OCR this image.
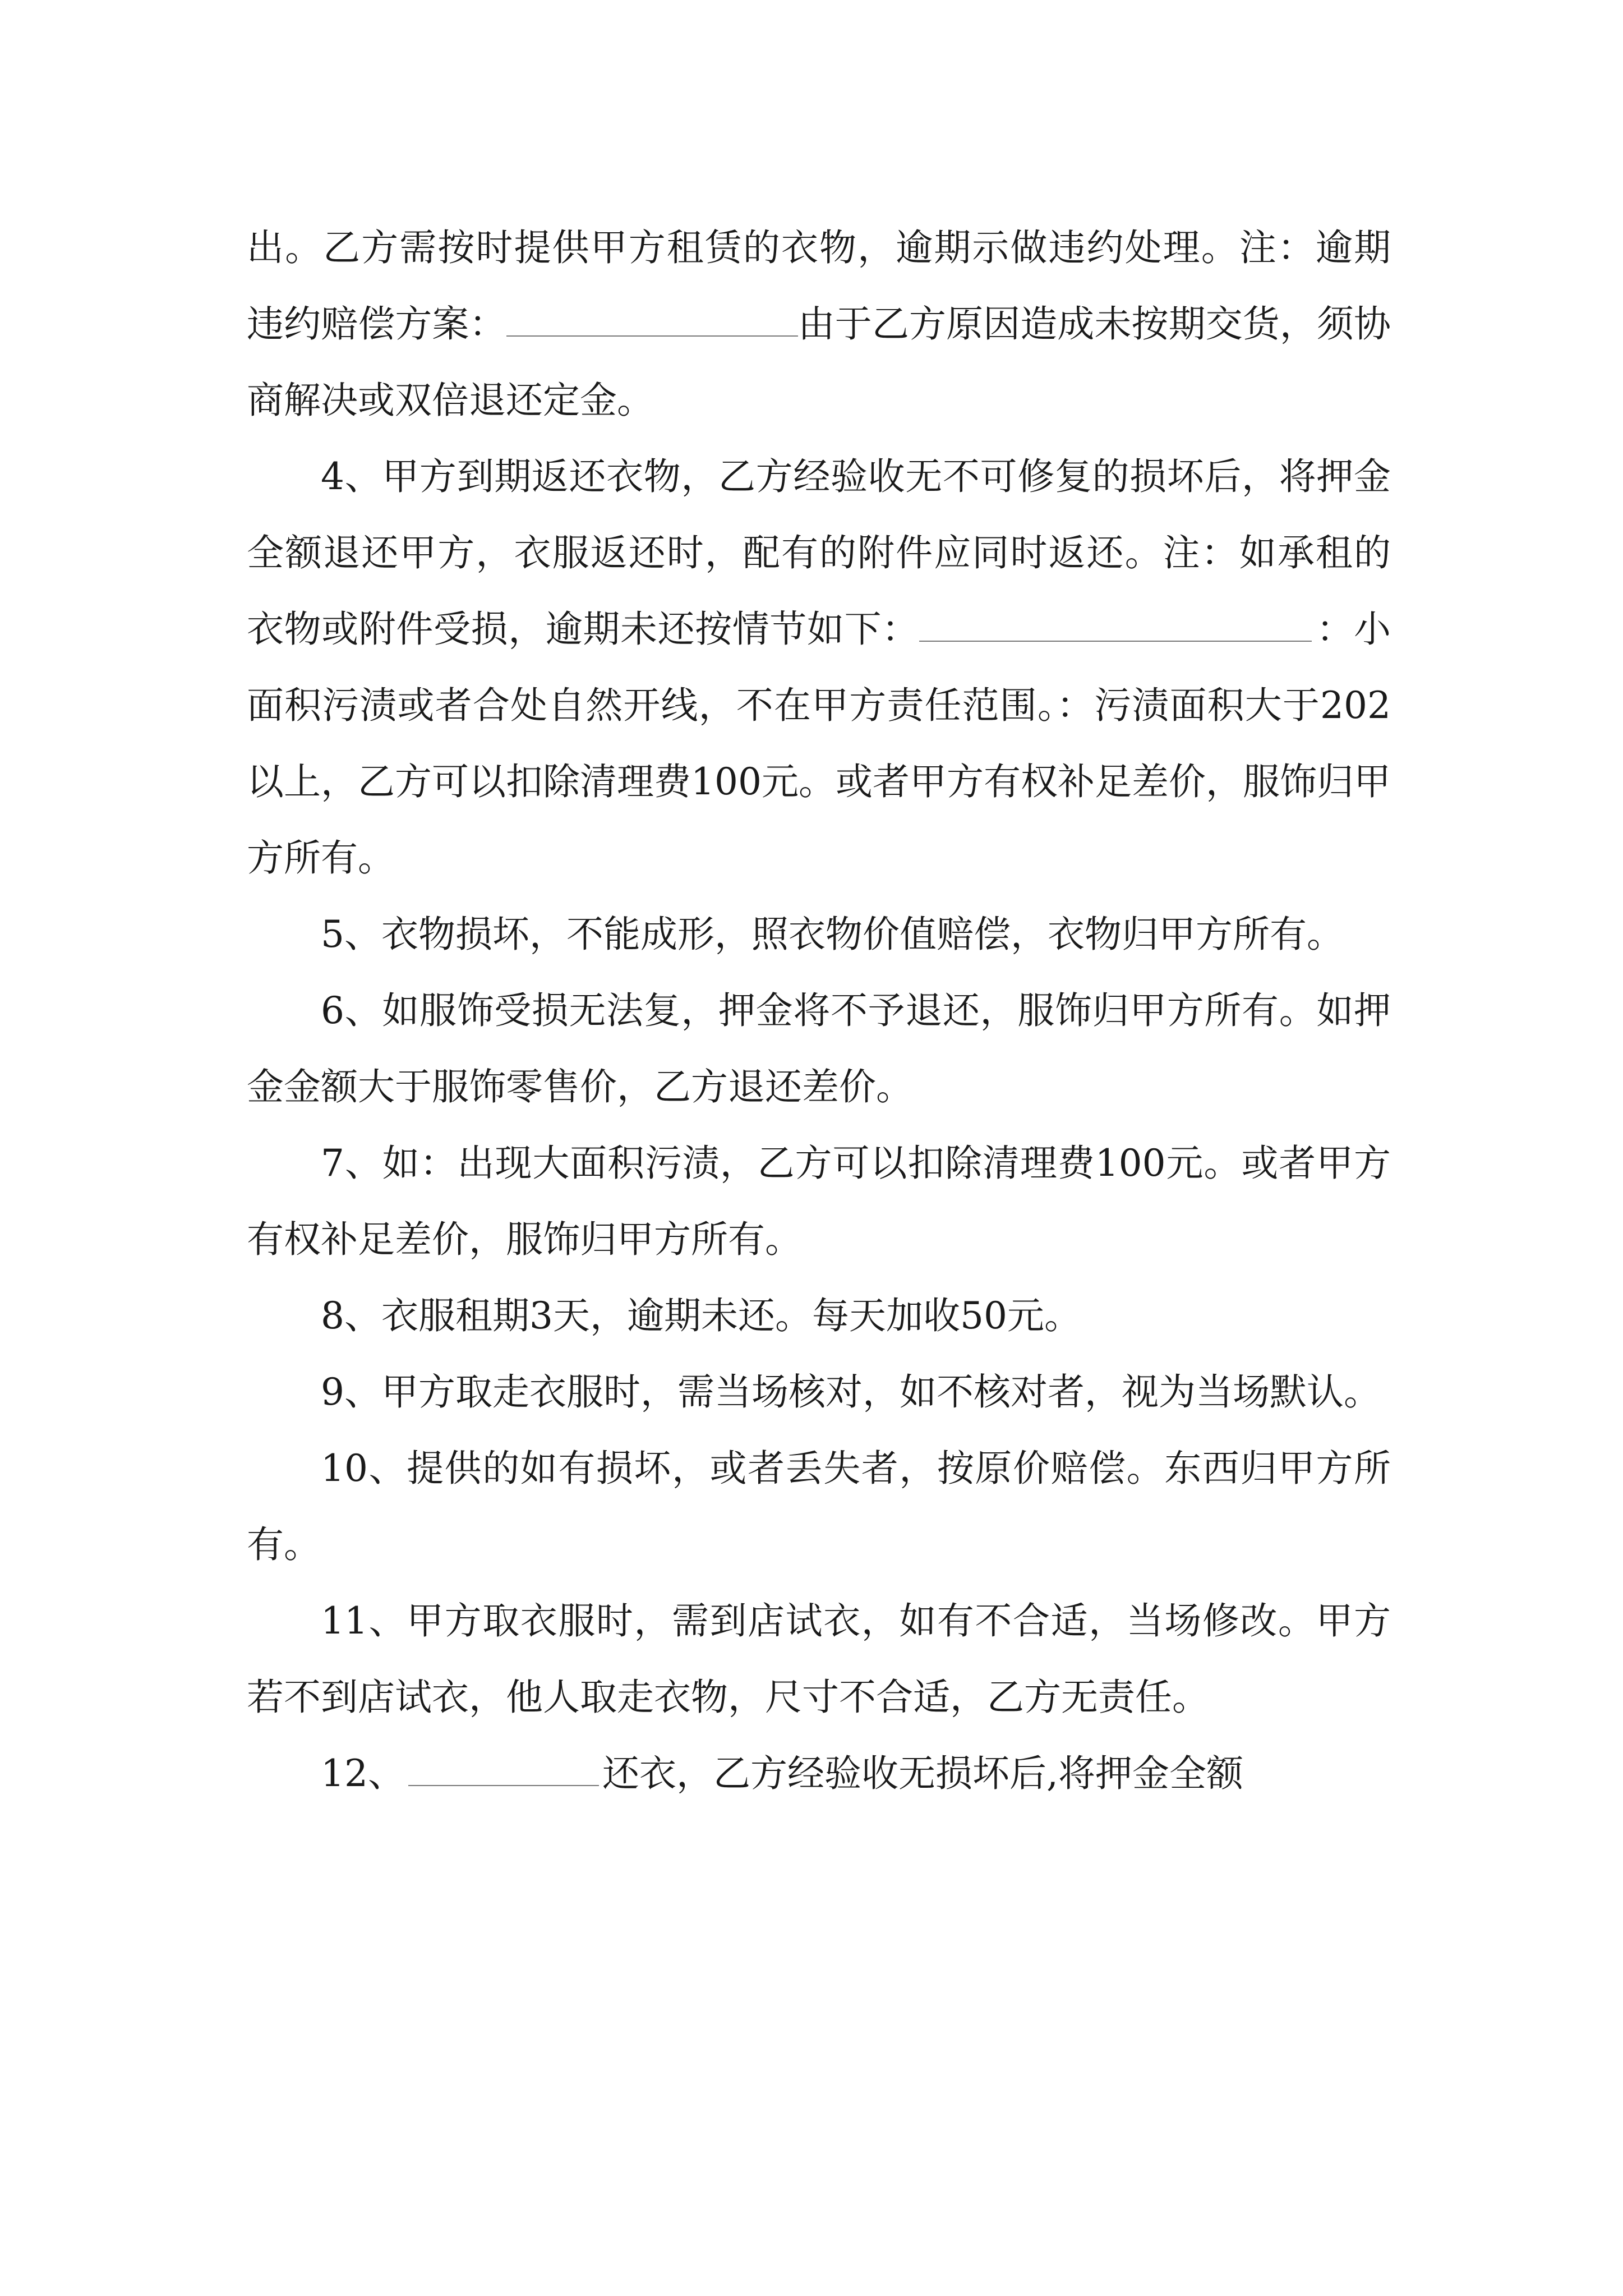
出。乙方需按时提供甲方租赁的衣物，逾期示做违约处理。注：逾期违约赔偿方案：	由于乙方原因造成未按期交货，须协商解决或双倍退还定金。

4、甲方到期返还衣物，乙方经验收无不可修复的损坏后，将押金全额退还甲方，衣服返还时，配有的附件应同时返还。注：如承租的衣物或附件受损，逾期未还按情节如下：	：小面积污渍或者合处自然开线，不在甲方责任范围。：污渍面积大于202以上，乙方可以扣除清理费100元。或者甲方有权补足差价，服饰归甲方所有。

5、衣物损坏，不能成形，照衣物价值赔偿，衣物归甲方所有。

6、如服饰受损无法复，押金将不予退还，服饰归甲方所有。如押金金额大于服饰零售价，乙方退还差价。

7、如：出现大面积污渍，乙方可以扣除清理费100元。或者甲方有权补足差价，服饰归甲方所有。

8、衣服租期3天，逾期未还。每天加收50元。

9、甲方取走衣服时，需当场核对，如不核对者，视为当场默认。

10、提供的如有损坏，或者丢失者，按原价赔偿。东西归甲方所有。

11、甲方取衣服时，需到店试衣，如有不合适，当场修改。甲方若不到店试衣，他人取走衣物，尺寸不合适，乙方无责任。

12、	还衣，乙方经验收无损坏后,将押金全额
